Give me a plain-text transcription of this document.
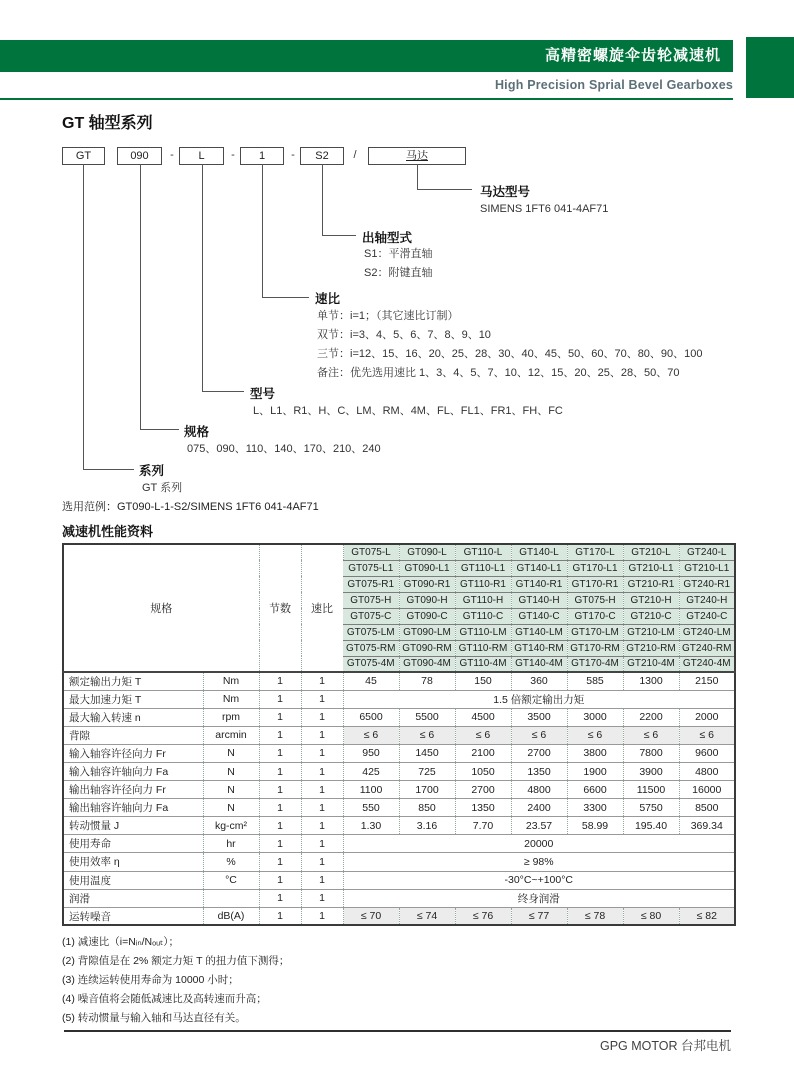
高精密螺旋伞齿轮减速机
High Precision Sprial Bevel Gearboxes
GT 轴型系列
GT	090	-	L	-	1	-	S2	/	马达
马达型号
SIMENS 1FT6 041-4AF71
出轴型式
S1：平滑直轴
S2：附键直轴
速比
单节：i=1；（其它速比订制）
双节：i=3、4、5、6、7、8、9、10
三节：i=12、15、16、20、25、28、30、40、45、50、60、70、80、90、100
备注：优先选用速比 1、3、4、5、7、10、12、15、20、25、28、50、70
型号
L、L1、R1、H、C、LM、RM、4M、FL、FL1、FR1、FH、FC
规格
075、090、110、140、170、210、240
系列
GT 系列
选用范例：GT090-L-1-S2/SIMENS 1FT6 041-4AF71
减速机性能资料
规格		节数	速比	GT075-L	GT090-L	GT110-L	GT140-L	GT170-L	GT210-L	GT240-L
				GT075-L1	GT090-L1	GT110-L1	GT140-L1	GT170-L1	GT210-L1	GT210-L1
				GT075-R1	GT090-R1	GT110-R1	GT140-R1	GT170-R1	GT210-R1	GT240-R1
				GT075-H	GT090-H	GT110-H	GT140-H	GT075-H	GT210-H	GT240-H
				GT075-C	GT090-C	GT110-C	GT140-C	GT170-C	GT210-C	GT240-C
				GT075-LM	GT090-LM	GT110-LM	GT140-LM	GT170-LM	GT210-LM	GT240-LM
				GT075-RM	GT090-RM	GT110-RM	GT140-RM	GT170-RM	GT210-RM	GT240-RM
				GT075-4M	GT090-4M	GT110-4M	GT140-4M	GT170-4M	GT210-4M	GT240-4M
额定输出力矩 T	Nm	1	1	45	78	150	360	585	1300	2150
最大加速力矩 T	Nm	1	1	1.5 倍额定输出力矩						
最大输入转速 n	rpm	1	1	6500	5500	4500	3500	3000	2200	2000
背隙	arcmin	1	1	≤ 6	≤ 6	≤ 6	≤ 6	≤ 6	≤ 6	≤ 6
输入轴容许径向力 Fr	N	1	1	950	1450	2100	2700	3800	7800	9600
输入轴容许轴向力 Fa	N	1	1	425	725	1050	1350	1900	3900	4800
输出轴容许径向力 Fr	N	1	1	1100	1700	2700	4800	6600	11500	16000
输出轴容许轴向力 Fa	N	1	1	550	850	1350	2400	3300	5750	8500
转动惯量 J	kg-cm²	1	1	1.30	3.16	7.70	23.57	58.99	195.40	369.34
使用寿命	hr	1	1	20000						
使用效率 η	%	1	1	≥ 98%						
使用温度	°C	1	1	-30°C~+100°C						
润滑		1	1	终身润滑						
运转噪音	dB(A)	1	1	≤ 70	≤ 74	≤ 76	≤ 77	≤ 78	≤ 80	≤ 82
(1) 减速比（i=Nᵢₙ/Nₒᵤₜ）；
(2) 背隙值是在 2% 额定力矩 T 的扭力值下测得；
(3) 连续运转使用寿命为 10000 小时；
(4) 噪音值将会随低减速比及高转速而升高；
(5) 转动惯量与输入轴和马达直径有关。
GPG MOTOR 台邦电机
